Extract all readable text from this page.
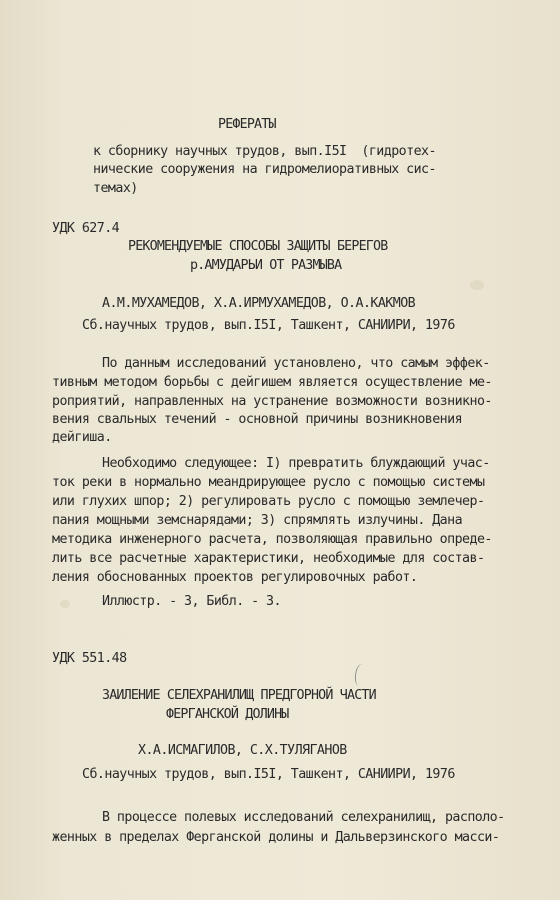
РЕФЕРАТЫ
к сборнику научных трудов, вып.I5I  (гидротех-
нические сооружения на гидромелиоративных сис-
темах)
УДК 627.4
РЕКОМЕНДУЕМЫЕ СПОСОБЫ ЗАЩИТЫ БЕРЕГОВ
р.АМУДАРЬИ ОТ РАЗМЫВА
А.М.МУХАМЕДОВ, Х.А.ИРМУХАМЕДОВ, О.А.КАКМОВ
Сб.научных трудов, вып.I5I, Ташкент, САНИИРИ, 1976
По данным исследований установлено, что самым эффек-
тивным методом борьбы с дейгишем является осуществление ме-
роприятий, направленных на устранение возможности возникно-
вения свальных течений - основной причины возникновения
дейгиша.
Необходимо следующее: I) превратить блуждающий учас-
ток реки в нормально меандрирующее русло с помощью системы
или глухих шпор; 2) регулировать русло с помощью землечер-
пания мощными земснарядами; 3) спрямлять излучины. Дана
методика инженерного расчета, позволяющая правильно опреде-
лить все расчетные характеристики, необходимые для состав-
ления обоснованных проектов регулировочных работ.
Иллюстр. - 3, Библ. - 3.
УДК 551.48
ЗАИЛЕНИЕ СЕЛЕХРАНИЛИЩ ПРЕДГОРНОЙ ЧАСТИ
ФЕРГАНСКОЙ ДОЛИНЫ
Х.А.ИСМАГИЛОВ, С.Х.ТУЛЯГАНОВ
Сб.научных трудов, вып.I5I, Ташкент, САНИИРИ, 1976
В процессе полевых исследований селехранилищ, располо-
женных в пределах Ферганской долины и Дальверзинского масси-
